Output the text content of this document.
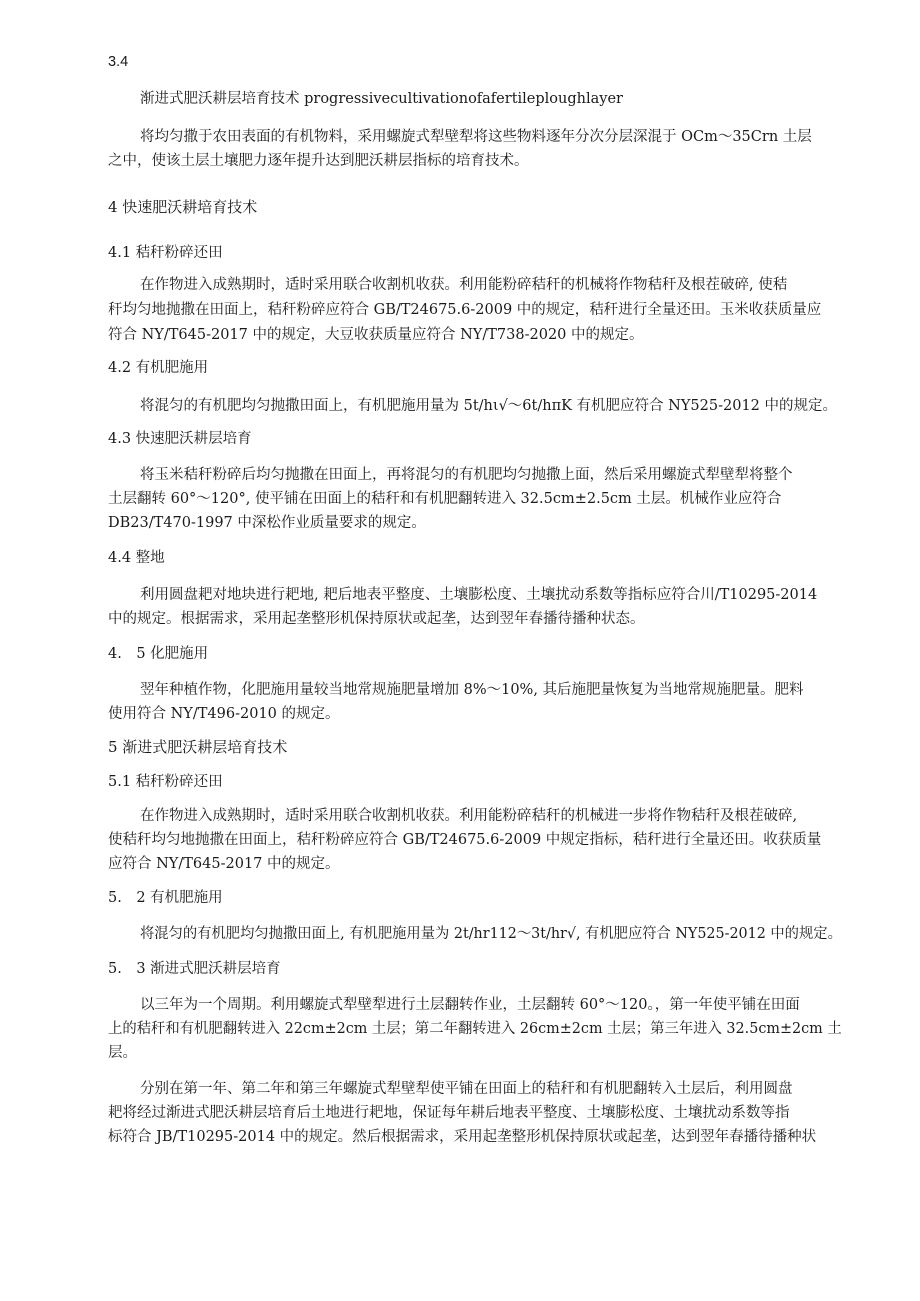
3.4
渐进式肥沃耕层培育技术 progressivecultivationofafertileploughlayer
将均匀撒于农田表面的有机物料，采用螺旋式犁壁犁将这些物料逐年分次分层深混于 OCm～35Crn 土层
之中，使该土层土壤肥力逐年提升达到肥沃耕层指标的培育技术。
4 快速肥沃耕培育技术
4.1 秸秆粉碎还田
在作物进入成熟期时，适时采用联合收割机收获。利用能粉碎秸秆的机械将作物秸秆及根茬破碎, 使秸
秆均匀地抛撒在田面上，秸秆粉碎应符合 GB/T24675.6-2009 中的规定，秸秆进行全量还田。玉米收获质量应
符合 NY/T645-2017 中的规定，大豆收获质量应符合 NY/T738-2020 中的规定。
4.2 有机肥施用
将混匀的有机肥均匀抛撒田面上，有机肥施用量为 5t∕hι√～6t∕hπK 有机肥应符合 NY525-2012 中的规定。
4.3 快速肥沃耕层培育
将玉米秸秆粉碎后均匀抛撒在田面上，再将混匀的有机肥均匀抛撒上面，然后采用螺旋式犁壁犁将整个
土层翻转 60°～120°, 使平铺在田面上的秸秆和有机肥翻转进入 32.5cm±2.5cm 土层。机械作业应符合
DB23/T470-1997 中深松作业质量要求的规定。
4.4 整地
利用圆盘耙对地块进行耙地, 耙后地表平整度、土壤膨松度、土壤扰动系数等指标应符合川/T10295-2014
中的规定。根据需求，采用起垄整形机保持原状或起垄，达到翌年春播待播种状态。
4.　5 化肥施用
翌年种植作物，化肥施用量较当地常规施肥量增加 8%～10%, 其后施肥量恢复为当地常规施肥量。肥料
使用符合 NY/T496-2010 的规定。
5 渐进式肥沃耕层培育技术
5.1 秸秆粉碎还田
在作物进入成熟期时，适时采用联合收割机收获。利用能粉碎秸秆的机械进一步将作物秸秆及根茬破碎,
使秸秆均匀地抛撒在田面上，秸秆粉碎应符合 GB/T24675.6-2009 中规定指标，秸秆进行全量还田。收获质量
应符合 NY/T645-2017 中的规定。
5.　2 有机肥施用
将混匀的有机肥均匀抛撒田面上, 有机肥施用量为 2t∕hr112～3t∕hr√, 有机肥应符合 NY525-2012 中的规定。
5.　3 渐进式肥沃耕层培育
以三年为一个周期。利用螺旋式犁壁犁进行土层翻转作业，土层翻转 60°～120。，第一年使平铺在田面
上的秸秆和有机肥翻转进入 22cm±2cm 土层；第二年翻转进入 26cm±2cm 土层；第三年进入 32.5cm±2cm 土
层。
分别在第一年、第二年和第三年螺旋式犁壁犁使平铺在田面上的秸秆和有机肥翻转入土层后，利用圆盘
耙将经过渐进式肥沃耕层培育后土地进行耙地，保证每年耕后地表平整度、土壤膨松度、土壤扰动系数等指
标符合 JB/T10295-2014 中的规定。然后根据需求，采用起垄整形机保持原状或起垄，达到翌年春播待播种状
